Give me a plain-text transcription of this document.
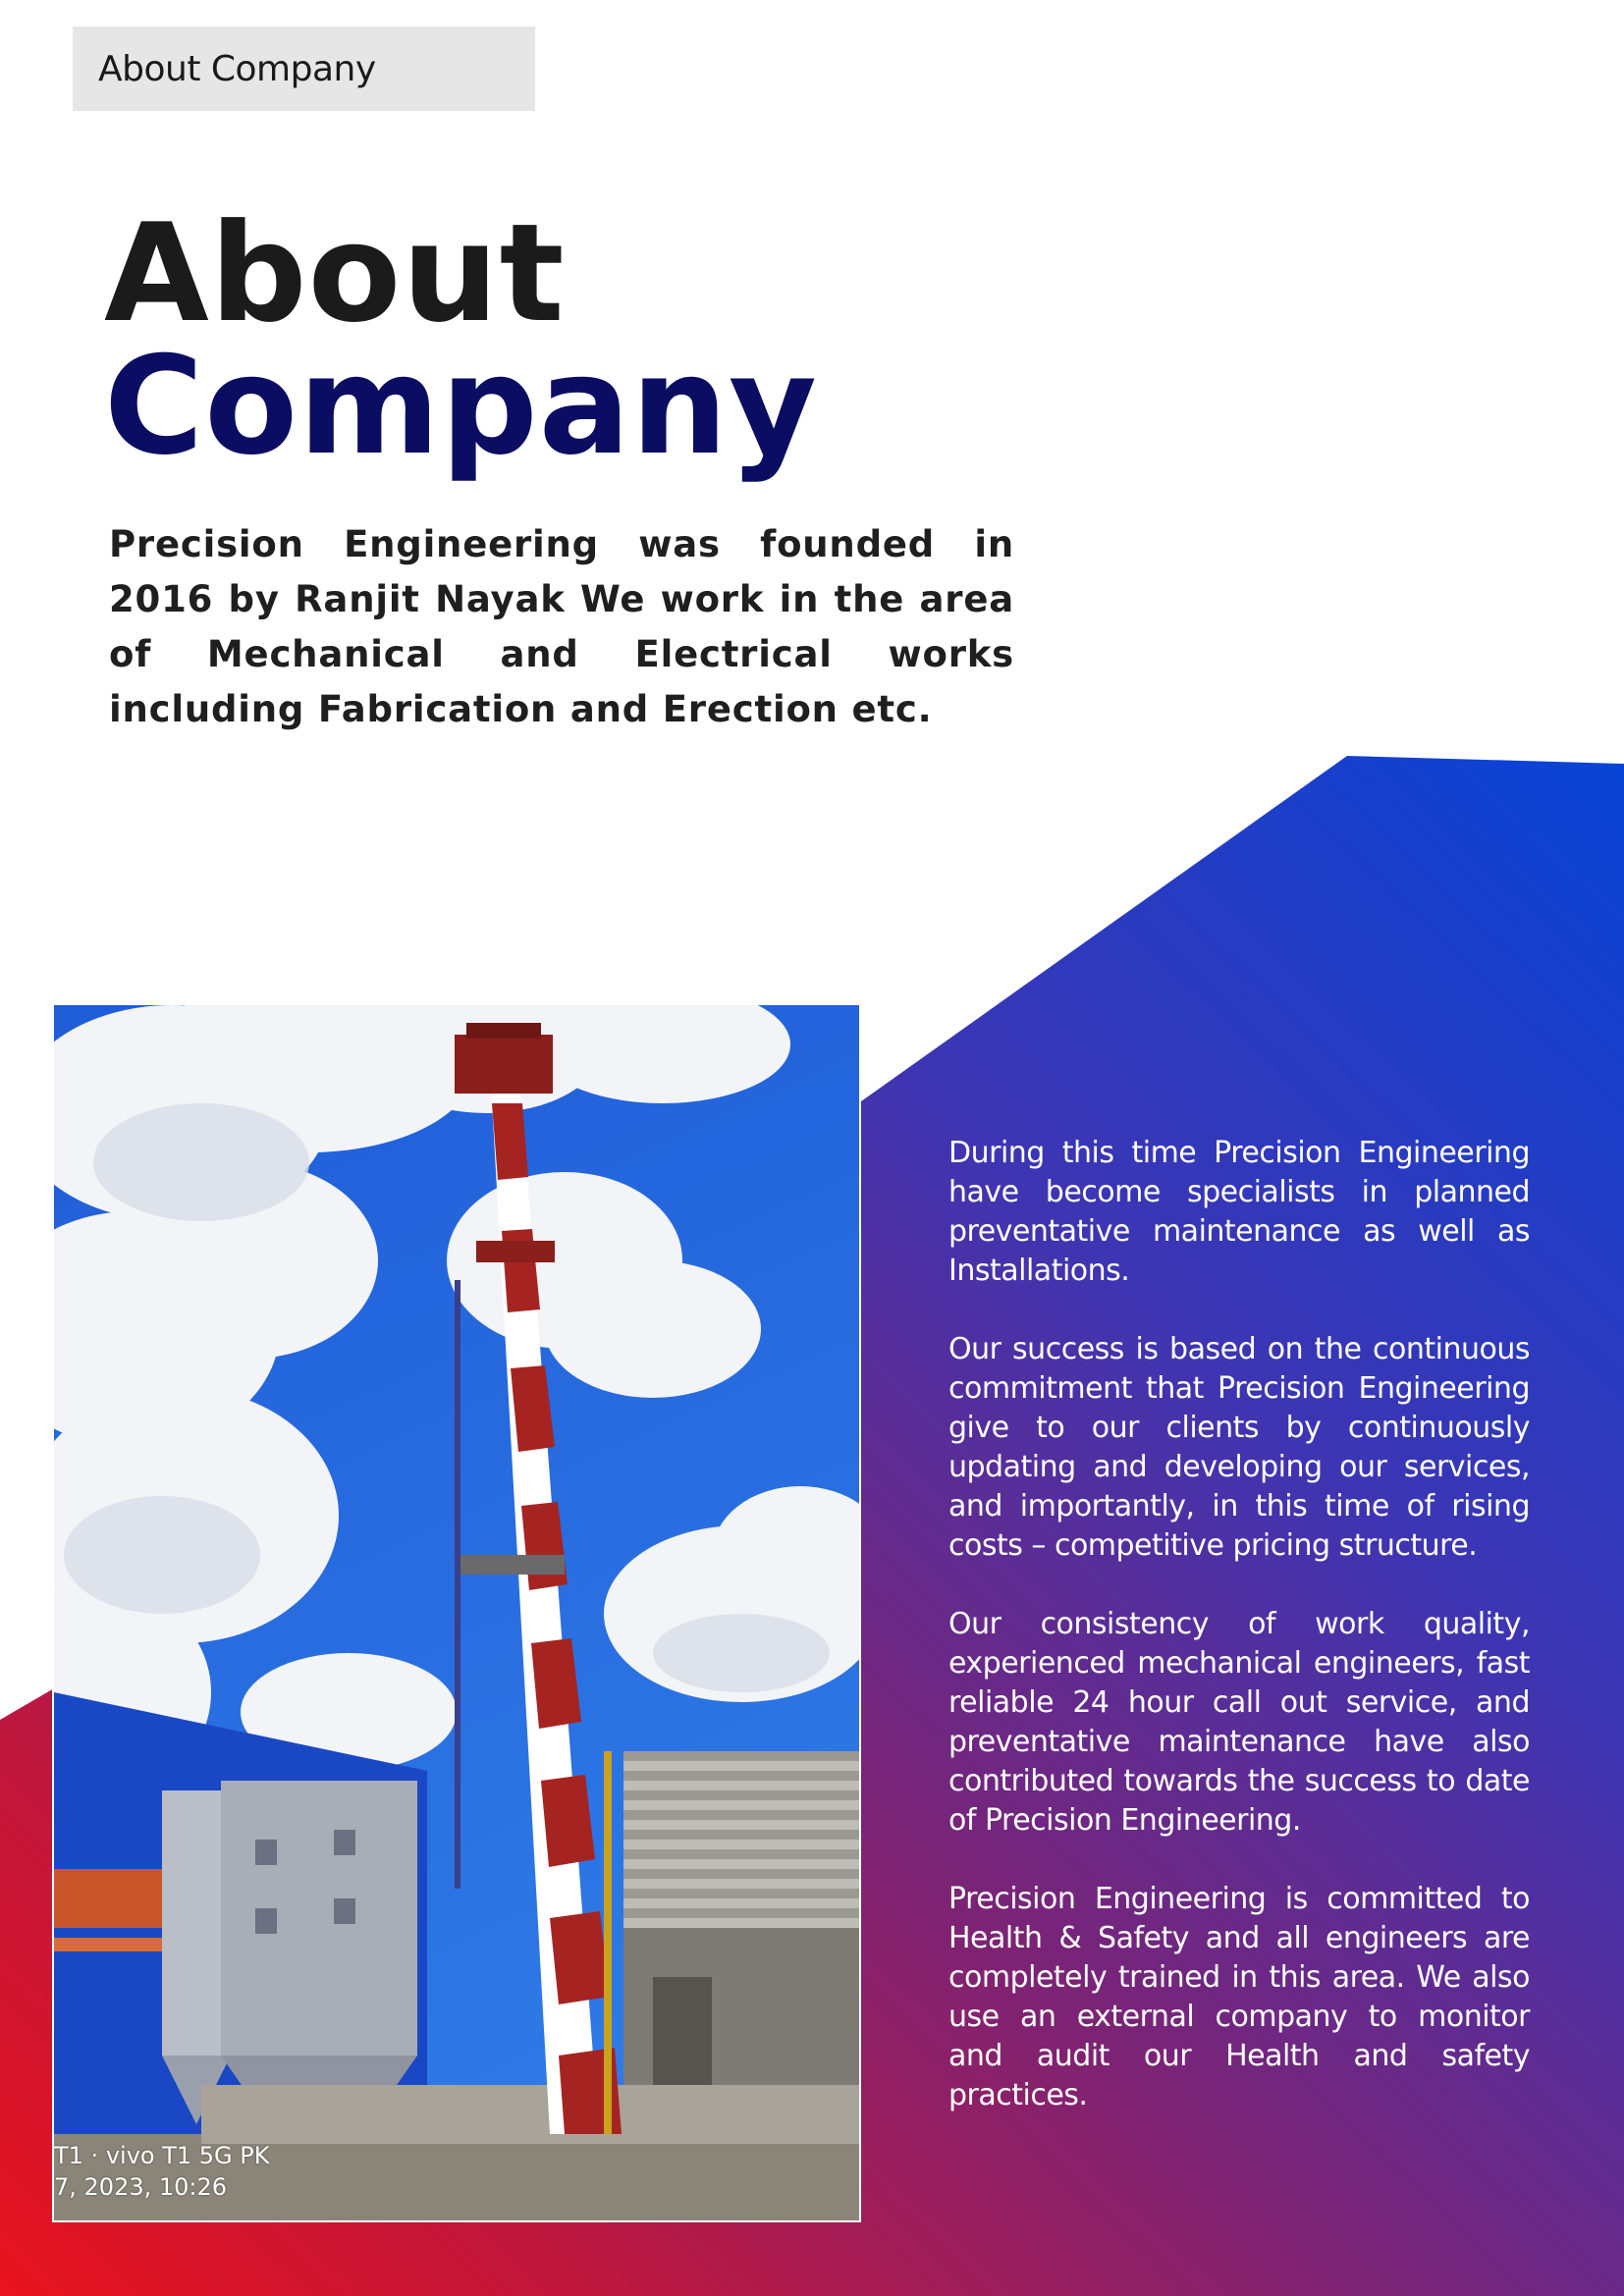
About Company
About
Company

Precision Engineering was founded in 2016 by Ranjit Nayak We work in the area of Mechanical and Electrical works including Fabrication and Erection etc.

T1 · vivo T1 5G PK
7, 2023, 10:26

During this time Precision Engineering have become specialists in planned preventative maintenance as well as Installations.

Our success is based on the continuous commitment that Precision Engineering give to our clients by continuously updating and developing our services, and importantly, in this time of rising costs – competitive pricing structure.

Our consistency of work quality, experienced mechanical engineers, fast reliable 24 hour call out service, and preventative maintenance have also contributed towards the success to date of Precision Engineering.

Precision Engineering is committed to Health & Safety and all engineers are completely trained in this area. We also use an external company to monitor and audit our Health and safety practices.
